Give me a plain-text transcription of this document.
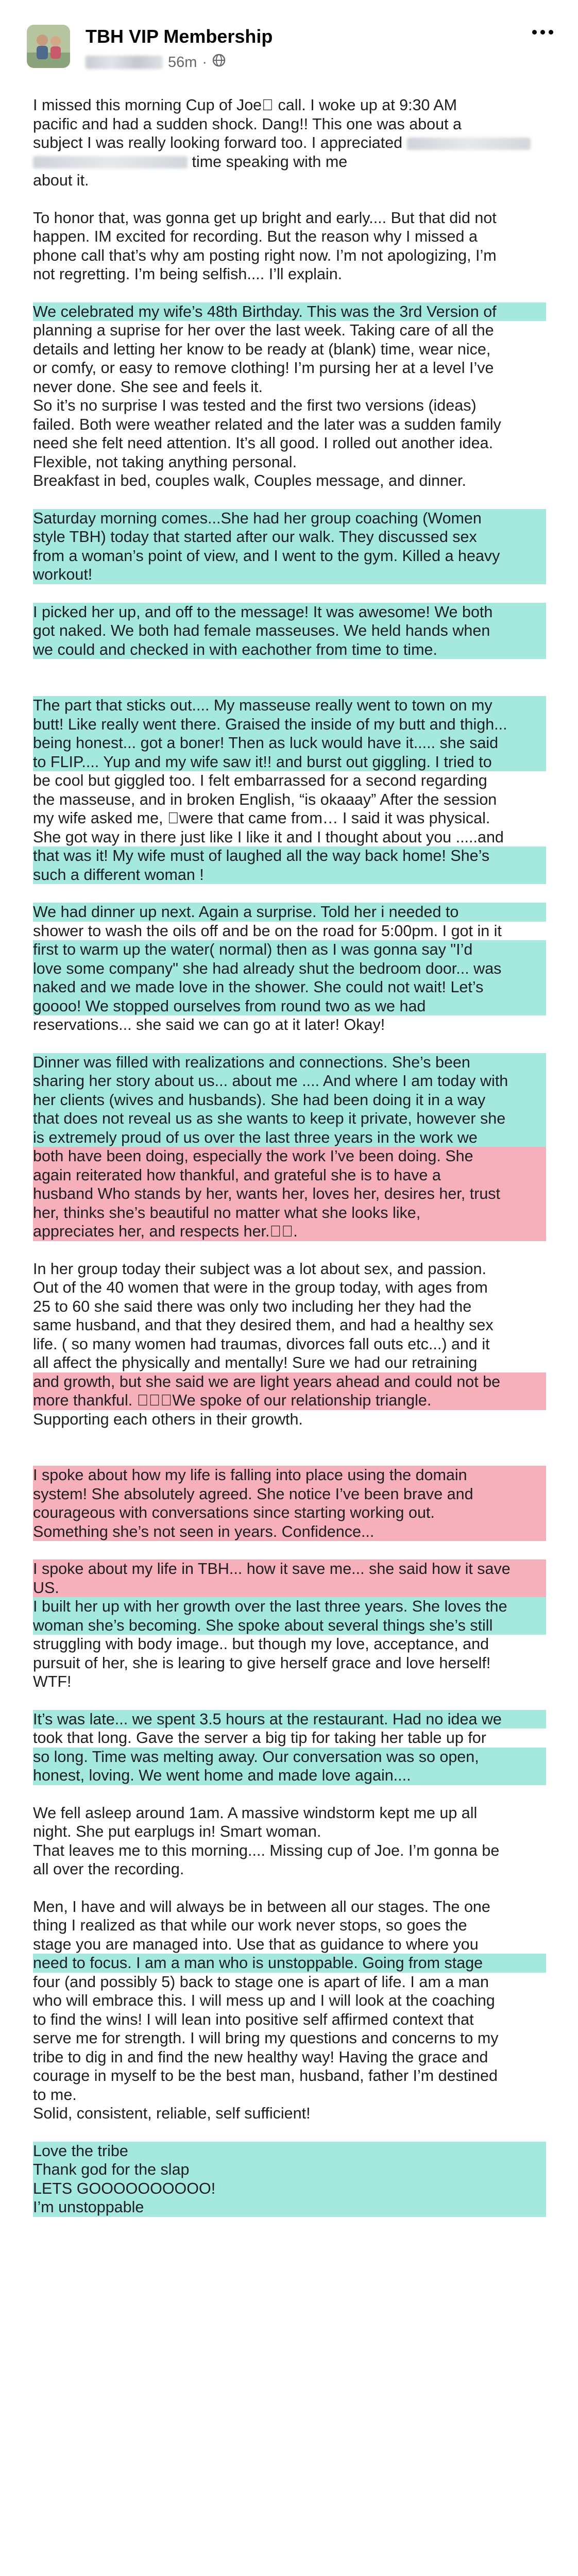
TBH VIP Membership
56m ·

I missed this morning Cup of Joe  call. I woke up at 9:30 AM
pacific and had a sudden shock. Dang!! This one was about a
subject I was really looking forward too. I appreciated
time speaking with me
about it.

To honor that, was gonna get up bright and early.... But that did not
happen. IM excited for recording. But the reason why I missed a
phone call that’s why am posting right now. I’m not apologizing, I’m
not regretting. I’m being selfish.... I’ll explain.

We celebrated my wife’s 48th Birthday. This was the 3rd Version of
planning a suprise for her over the last week. Taking care of all the
details and letting her know to be ready at (blank) time, wear nice,
or comfy, or easy to remove clothing! I’m pursing her at a level I’ve
never done. She see and feels it.

So it’s no surprise I was tested and the first two versions (ideas)
failed. Both were weather related and the later was a sudden family
need she felt need attention. It’s all good. I rolled out another idea.
Flexible, not taking anything personal.
Breakfast in bed, couples walk, Couples message, and dinner.

Saturday morning comes...She had her group coaching (Women
style TBH) today that started after our walk. They discussed sex
from a woman’s point of view, and I went to the gym. Killed a heavy
workout!

I picked her up, and off to the message! It was awesome! We both
got naked. We both had female masseuses. We held hands when
we could and checked in with eachother from time to time.

The part that sticks out.... My masseuse really went to town on my
butt! Like really went there. Graised the inside of my butt and thigh...
being honest... got a boner! Then as luck would have it..... she said
to FLIP.... Yup and my wife saw it!! and burst out giggling. I tried to
be cool but giggled too. I felt embarrassed for a second regarding
the masseuse, and in broken English, “is okaaay” After the session
my wife asked me,  were that came from… I said it was physical.
She got way in there just like I like it and I thought about you .....and
that was it! My wife must of laughed all the way back home! She’s
such a different woman !

We had dinner up next. Again a surprise. Told her i needed to
shower to wash the oils off and be on the road for 5:00pm. I got in it
first to warm up the water( normal) then as I was gonna say "I’d
love some company" she had already shut the bedroom door... was
naked and we made love in the shower. She could not wait! Let’s
goooo! We stopped ourselves from round two as we had
reservations... she said we can go at it later! Okay!

Dinner was filled with realizations and connections. She’s been
sharing her story about us... about me .... And where I am today with
her clients (wives and husbands). She had been doing it in a way
that does not reveal us as she wants to keep it private, however she
is extremely proud of us over the last three years in the work we
both have been doing, especially the work I’ve been doing. She
again reiterated how thankful, and grateful she is to have a
husband Who stands by her, wants her, loves her, desires her, trust
her, thinks she’s beautiful no matter what she looks like,
appreciates her, and respects her.  .

In her group today their subject was a lot about sex, and passion.
Out of the 40 women that were in the group today, with ages from
25 to 60 she said there was only two including her they had the
same husband, and that they desired them, and had a healthy sex
life. ( so many women had traumas, divorces fall outs etc...) and it
all affect the physically and mentally! Sure we had our retraining
and growth, but she said we are light years ahead and could not be
more thankful.    We spoke of our relationship triangle.
Supporting each others in their growth.

I spoke about how my life is falling into place using the domain
system! She absolutely agreed. She notice I’ve been brave and
courageous with conversations since starting working out.
Something she’s not seen in years. Confidence...

I spoke about my life in TBH... how it save me... she said how it save
US.
I built her up with her growth over the last three years. She loves the
woman she’s becoming. She spoke about several things she’s still
struggling with body image.. but though my love, acceptance, and
pursuit of her, she is learing to give herself grace and love herself!
WTF!

It’s was late... we spent 3.5 hours at the restaurant. Had no idea we
took that long. Gave the server a big tip for taking her table up for
so long. Time was melting away. Our conversation was so open,
honest, loving. We went home and made love again....

We fell asleep around 1am. A massive windstorm kept me up all
night. She put earplugs in! Smart woman.
That leaves me to this morning.... Missing cup of Joe. I’m gonna be
all over the recording.

Men, I have and will always be in between all our stages. The one
thing I realized as that while our work never stops, so goes the
stage you are managed into. Use that as guidance to where you
need to focus. I am a man who is unstoppable. Going from stage
four (and possibly 5) back to stage one is apart of life. I am a man
who will embrace this. I will mess up and I will look at the coaching
to find the wins! I will lean into positive self affirmed context that
serve me for strength. I will bring my questions and concerns to my
tribe to dig in and find the new healthy way! Having the grace and
courage in myself to be the best man, husband, father I’m destined
to me.
Solid, consistent, reliable, self sufficient!

Love the tribe
Thank god for the slap
LETS GOOOOOOOOOO!
I’m unstoppable
